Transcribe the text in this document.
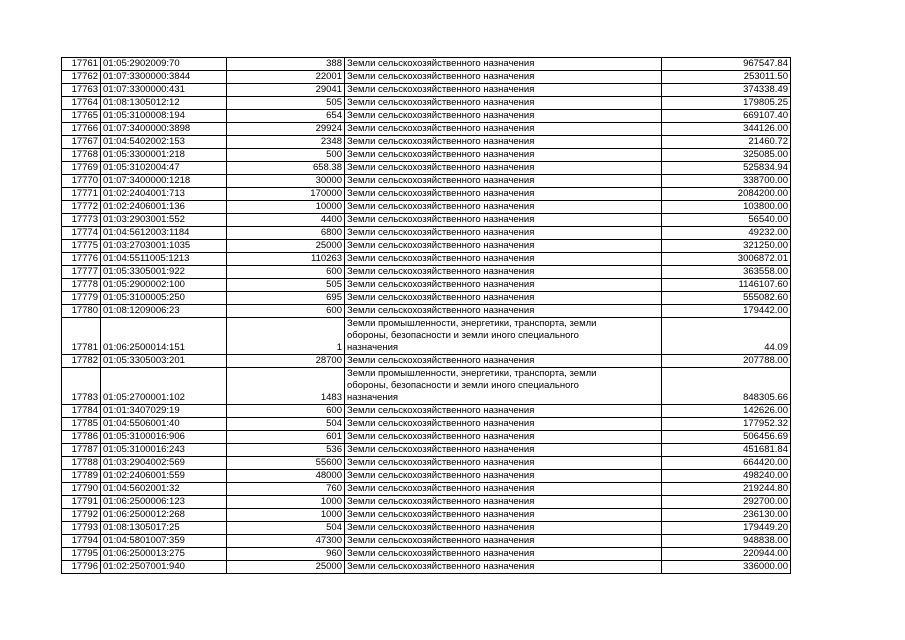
17761	01:05:2902009:70	388	Земли сельскохозяйственного назначения	967547.84
17762	01:07:3300000:3844	22001	Земли сельскохозяйственного назначения	253011.50
17763	01:07:3300000:431	29041	Земли сельскохозяйственного назначения	374338.49
17764	01:08:1305012:12	505	Земли сельскохозяйственного назначения	179805.25
17765	01:05:3100008:194	654	Земли сельскохозяйственного назначения	669107.40
17766	01:07:3400000:3898	29924	Земли сельскохозяйственного назначения	344126.00
17767	01:04:5402002:153	2348	Земли сельскохозяйственного назначения	21460.72
17768	01:05:3300001:218	500	Земли сельскохозяйственного назначения	325085.00
17769	01:05:3102004:47	658.38	Земли сельскохозяйственного назначения	525834.94
17770	01:07:3400000:1218	30000	Земли сельскохозяйственного назначения	338700.00
17771	01:02:2404001:713	170000	Земли сельскохозяйственного назначения	2084200.00
17772	01:02:2406001:136	10000	Земли сельскохозяйственного назначения	103800.00
17773	01:03:2903001:552	4400	Земли сельскохозяйственного назначения	56540.00
17774	01:04:5612003:1184	6800	Земли сельскохозяйственного назначения	49232.00
17775	01:03:2703001:1035	25000	Земли сельскохозяйственного назначения	321250.00
17776	01:04:5511005:1213	110263	Земли сельскохозяйственного назначения	3006872.01
17777	01:05:3305001:922	600	Земли сельскохозяйственного назначения	363558.00
17778	01:05:2900002:100	505	Земли сельскохозяйственного назначения	1146107.60
17779	01:05:3100005:250	695	Земли сельскохозяйственного назначения	555082.60
17780	01:08:1209006:23	600	Земли сельскохозяйственного назначения	179442.00
17781	01:06:2500014:151	1	Земли промышленности, энергетики, транспорта, земли
обороны, безопасности и земли иного специального
назначения	44.09
17782	01:05:3305003:201	28700	Земли сельскохозяйственного назначения	207788.00
17783	01:05:2700001:102	1483	Земли промышленности, энергетики, транспорта, земли
обороны, безопасности и земли иного специального
назначения	848305.66
17784	01:01:3407029:19	600	Земли сельскохозяйственного назначения	142626.00
17785	01:04:5506001:40	504	Земли сельскохозяйственного назначения	177952.32
17786	01:05:3100016:906	601	Земли сельскохозяйственного назначения	506456.69
17787	01:05:3100016:243	536	Земли сельскохозяйственного назначения	451681.84
17788	01:03:2904002:569	55600	Земли сельскохозяйственного назначения	664420.00
17789	01:02:2406001:559	48000	Земли сельскохозяйственного назначения	498240.00
17790	01:04:5602001:32	760	Земли сельскохозяйственного назначения	219244.80
17791	01:06:2500006:123	1000	Земли сельскохозяйственного назначения	292700.00
17792	01:06:2500012:268	1000	Земли сельскохозяйственного назначения	236130.00
17793	01:08:1305017:25	504	Земли сельскохозяйственного назначения	179449.20
17794	01:04:5801007:359	47300	Земли сельскохозяйственного назначения	948838.00
17795	01:06:2500013:275	960	Земли сельскохозяйственного назначения	220944.00
17796	01:02:2507001:940	25000	Земли сельскохозяйственного назначения	336000.00
